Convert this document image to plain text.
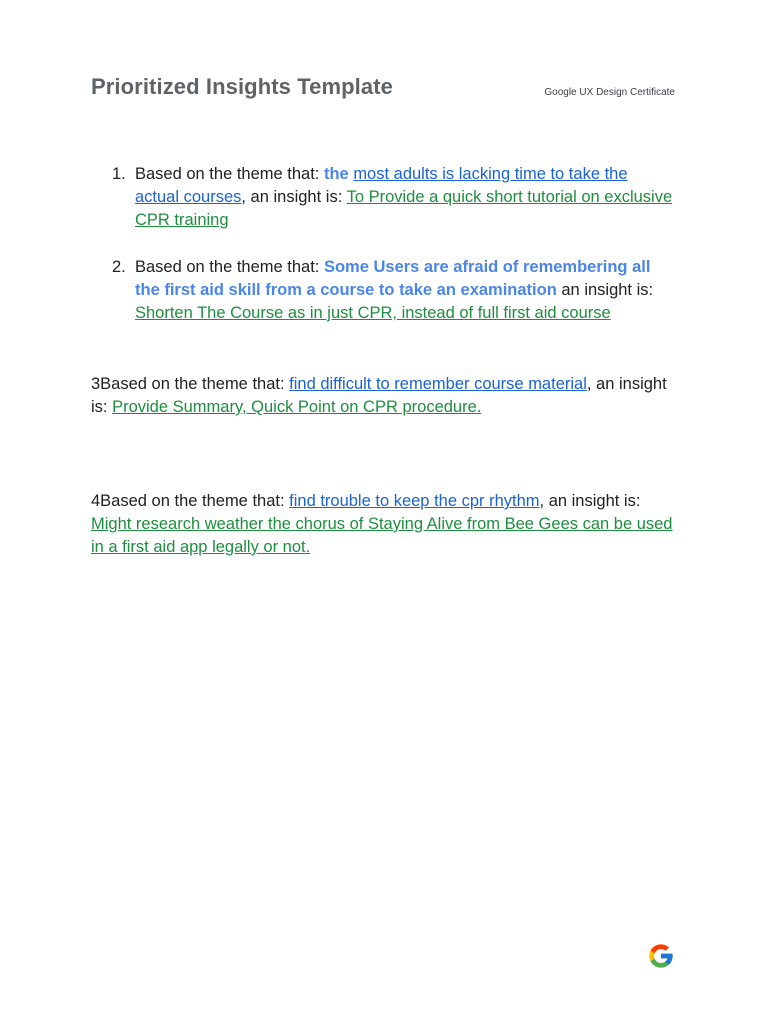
Prioritized Insights Template	Google UX Design Certificate
1. Based on the theme that: the most adults is lacking time to take the actual courses, an insight is: To Provide a quick short tutorial on exclusive CPR training
2. Based on the theme that: Some Users are afraid of remembering all the first aid skill from a course to take an examination an insight is: Shorten The Course as in just CPR, instead of full first aid course
3Based on the theme that: find difficult to remember course material, an insight is: Provide Summary, Quick Point on CPR procedure.
4Based on the theme that: find trouble to keep the cpr rhythm, an insight is: Might research weather the chorus of Staying Alive from Bee Gees can be used in a first aid app legally or not.
